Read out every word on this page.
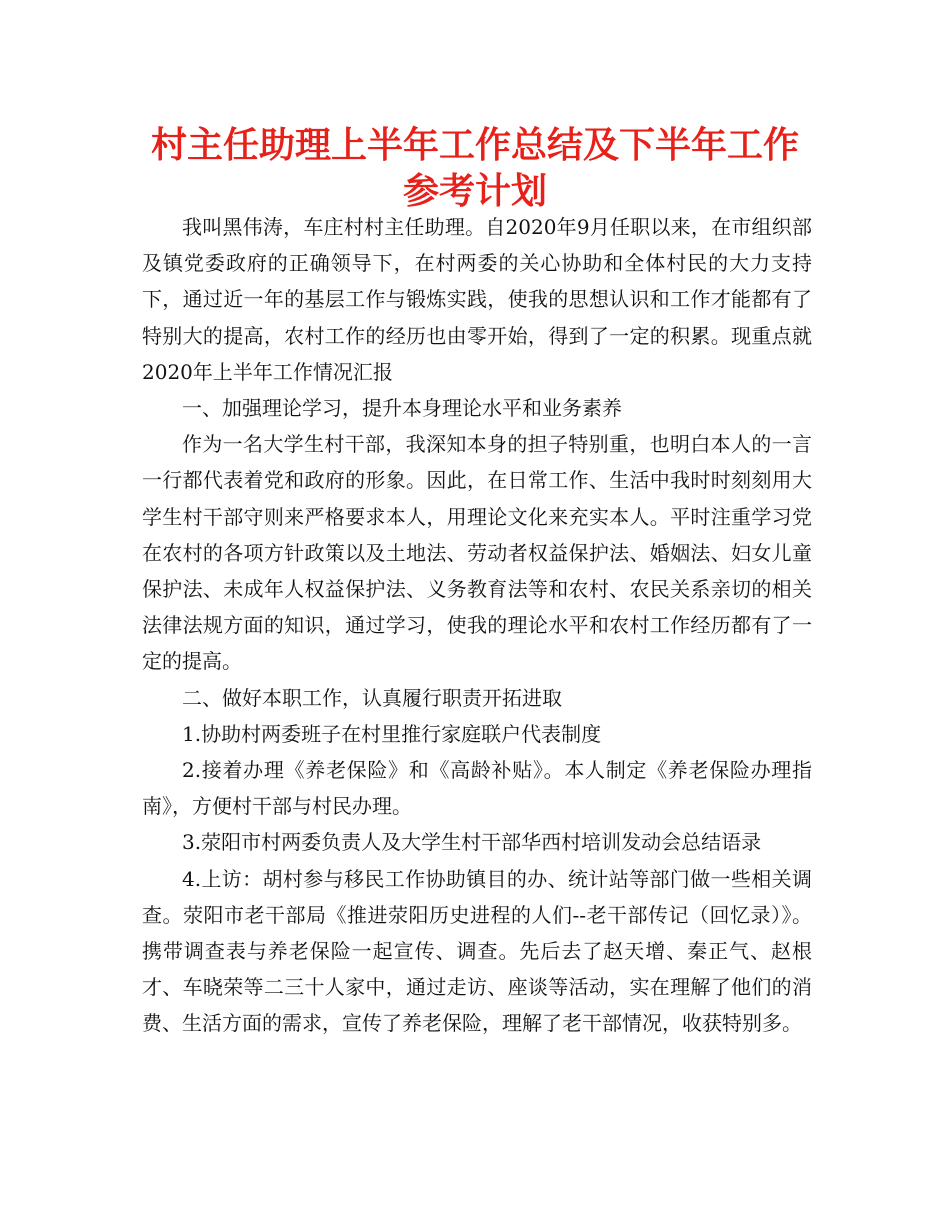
村主任助理上半年工作总结及下半年工作
参考计划

我叫黑伟涛，车庄村村主任助理。自2020年9月任职以来，在市组织部及镇党委政府的正确领导下，在村两委的关心协助和全体村民的大力支持下，通过近一年的基层工作与锻炼实践，使我的思想认识和工作才能都有了特别大的提高，农村工作的经历也由零开始，得到了一定的积累。现重点就2020年上半年工作情况汇报

一、加强理论学习，提升本身理论水平和业务素养

作为一名大学生村干部，我深知本身的担子特别重，也明白本人的一言一行都代表着党和政府的形象。因此，在日常工作、生活中我时时刻刻用大学生村干部守则来严格要求本人，用理论文化来充实本人。平时注重学习党在农村的各项方针政策以及土地法、劳动者权益保护法、婚姻法、妇女儿童保护法、未成年人权益保护法、义务教育法等和农村、农民关系亲切的相关法律法规方面的知识，通过学习，使我的理论水平和农村工作经历都有了一定的提高。

二、做好本职工作，认真履行职责开拓进取

1.协助村两委班子在村里推行家庭联户代表制度

2.接着办理《养老保险》和《高龄补贴》。本人制定《养老保险办理指南》，方便村干部与村民办理。

3.荥阳市村两委负责人及大学生村干部华西村培训发动会总结语录

4.上访：胡村参与移民工作协助镇目的办、统计站等部门做一些相关调查。荥阳市老干部局《推进荥阳历史进程的人们--老干部传记（回忆录）》。携带调查表与养老保险一起宣传、调查。先后去了赵天增、秦正气、赵根才、车晓荣等二三十人家中，通过走访、座谈等活动，实在理解了他们的消费、生活方面的需求，宣传了养老保险，理解了老干部情况，收获特别多。
